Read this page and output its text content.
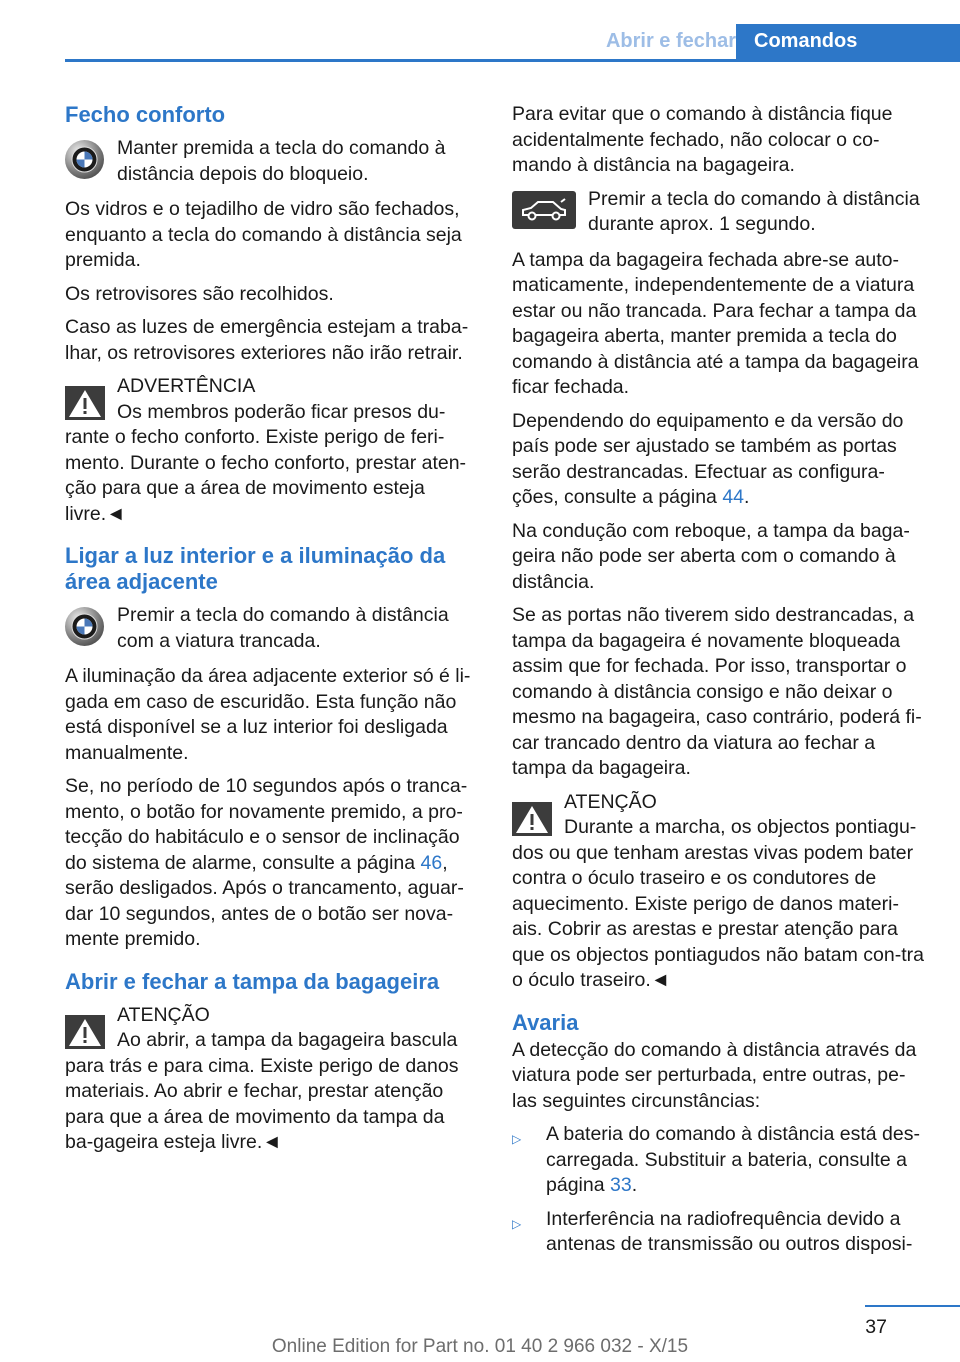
Abrir e fechar Comandos
Fecho conforto
Manter premida a tecla do comando à distância depois do bloqueio.

Os vidros e o tejadilho de vidro são fechados, enquanto a tecla do comando à distância seja premida.

Os retrovisores são recolhidos.

Caso as luzes de emergência estejam a traba-lhar, os retrovisores exteriores não irão retrair.

ADVERTÊNCIA
Os membros poderão ficar presos du-rante o fecho conforto. Existe perigo de feri-mento. Durante o fecho conforto, prestar aten-ção para que a área de movimento esteja livre.◄
Ligar a luz interior e a iluminação da área adjacente
Premir a tecla do comando à distância com a viatura trancada.

A iluminação da área adjacente exterior só é li-gada em caso de escuridão. Esta função não está disponível se a luz interior foi desligada manualmente.

Se, no período de 10 segundos após o tranca-mento, o botão for novamente premido, a pro-tecção do habitáculo e o sensor de inclinação do sistema de alarme, consulte a página 46, serão desligados. Após o trancamento, aguar-dar 10 segundos, antes de o botão ser nova-mente premido.

Abrir e fechar a tampa da bagageira
ATENÇÃO
Ao abrir, a tampa da bagageira bascula para trás e para cima. Existe perigo de danos materiais. Ao abrir e fechar, prestar atenção para que a área de movimento da tampa da ba-gageira esteja livre.◄

Para evitar que o comando à distância fique acidentalmente fechado, não colocar o co-mando à distância na bagageira.

Premir a tecla do comando à distância durante aprox. 1 segundo.

A tampa da bagageira fechada abre-se auto-maticamente, independentemente de a viatura estar ou não trancada. Para fechar a tampa da bagageira aberta, manter premida a tecla do comando à distância até a tampa da bagageira ficar fechada.

Dependendo do equipamento e da versão do país pode ser ajustado se também as portas serão destrancadas. Efectuar as configura-ções, consulte a página 44.

Na condução com reboque, a tampa da baga-geira não pode ser aberta com o comando à distância.

Se as portas não tiverem sido destrancadas, a tampa da bagageira é novamente bloqueada assim que for fechada. Por isso, transportar o comando à distância consigo e não deixar o mesmo na bagageira, caso contrário, poderá fi-car trancado dentro da viatura ao fechar a tampa da bagageira.

ATENÇÃO
Durante a marcha, os objectos pontiagu-dos ou que tenham arestas vivas podem bater contra o óculo traseiro e os condutores de aquecimento. Existe perigo de danos materi-ais. Cobrir as arestas e prestar atenção para que os objectos pontiagudos não batam con-tra o óculo traseiro.◄
Avaria

A detecção do comando à distância através da viatura pode ser perturbada, entre outras, pe-las seguintes circunstâncias:

▷ A bateria do comando à distância está des-carregada. Substituir a bateria, consulte a página 33.
▷ Interferência na radiofrequência devido a antenas de transmissão ou outros disposi-
37
Online Edition for Part no. 01 40 2 966 032 - X/15
